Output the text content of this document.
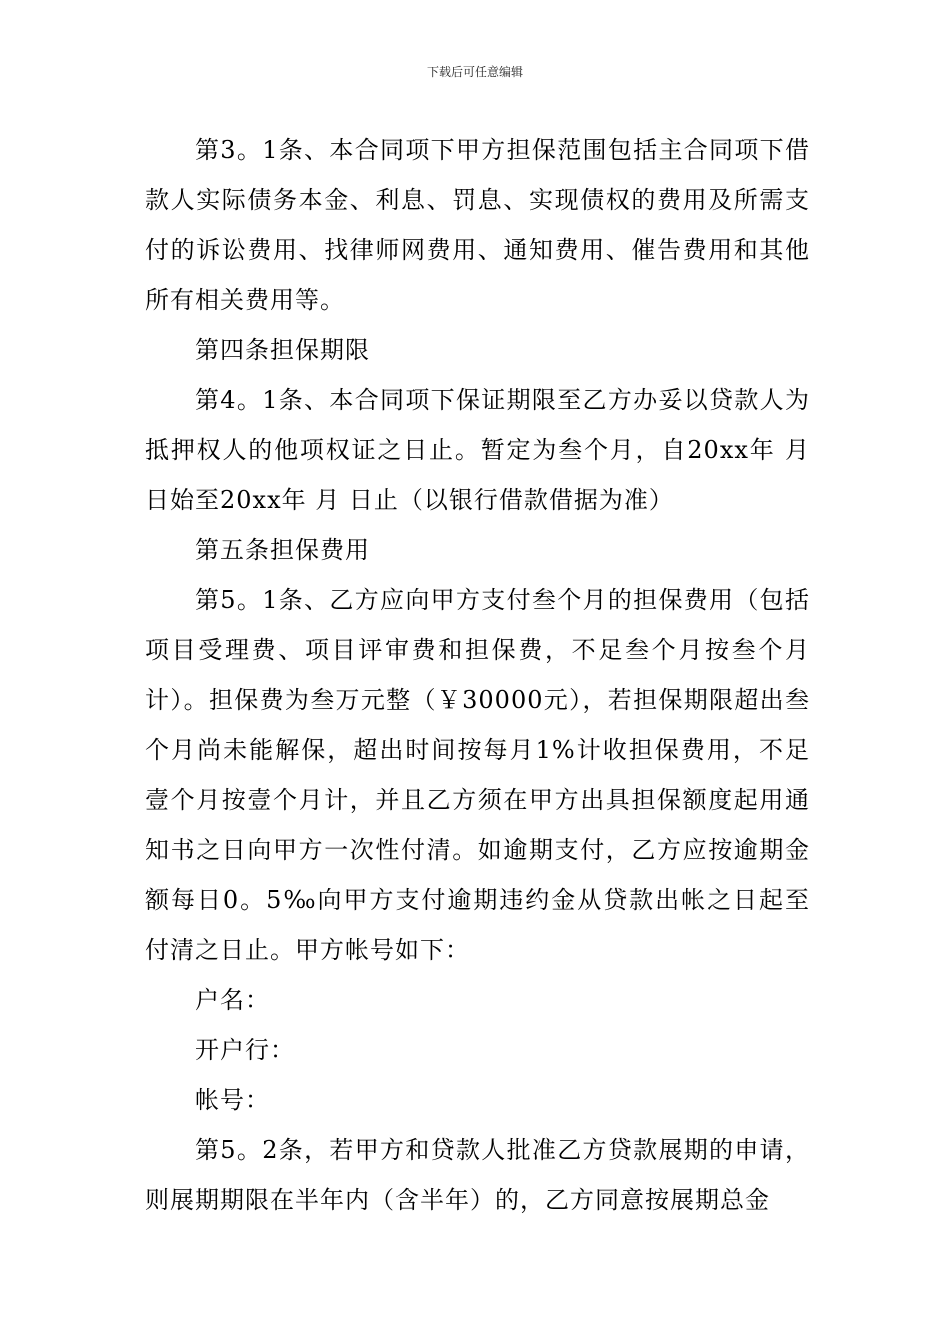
下载后可任意编辑

第3。1条、本合同项下甲方担保范围包括主合同项下借款人实际债务本金、利息、罚息、实现债权的费用及所需支付的诉讼费用、找律师网费用、通知费用、催告费用和其他所有相关费用等。

第四条担保期限

第4。1条、本合同项下保证期限至乙方办妥以贷款人为抵押权人的他项权证之日止。暂定为叁个月，自20xx年 月 日始至20xx年 月 日止（以银行借款借据为准）

第五条担保费用

第5。1条、乙方应向甲方支付叁个月的担保费用（包括项目受理费、项目评审费和担保费，不足叁个月按叁个月计）。担保费为叁万元整（￥30000元），若担保期限超出叁个月尚未能解保，超出时间按每月1%计收担保费用，不足壹个月按壹个月计，并且乙方须在甲方出具担保额度起用通知书之日向甲方一次性付清。如逾期支付，乙方应按逾期金额每日0。5‰向甲方支付逾期违约金从贷款出帐之日起至付清之日止。甲方帐号如下：

户名：

开户行：

帐号：

第5。2条，若甲方和贷款人批准乙方贷款展期的申请，则展期期限在半年内（含半年）的，乙方同意按展期总金
